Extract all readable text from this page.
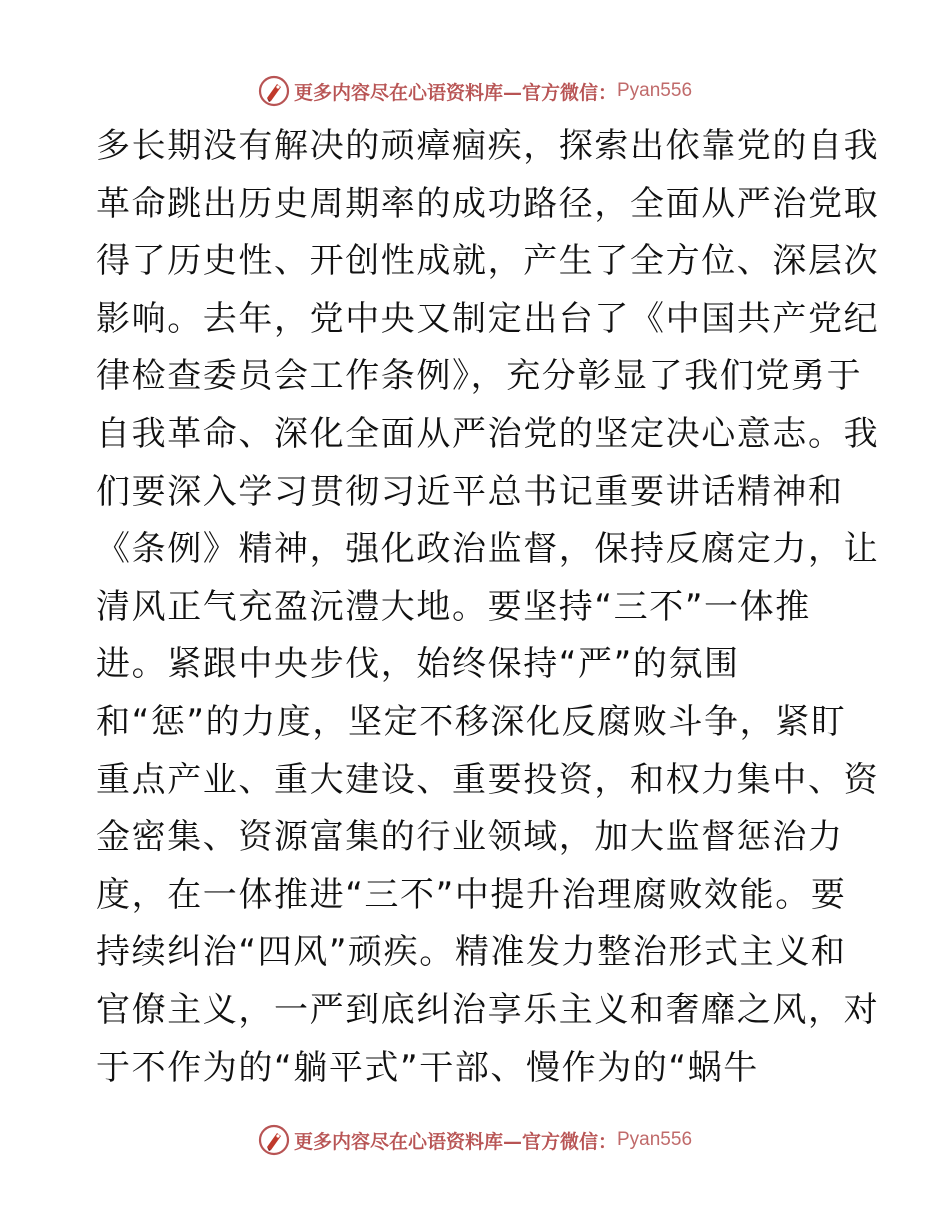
更多内容尽在心语资料库—官方微信： Pyan556
多长期没有解决的顽瘴痼疾，探索出依靠党的自我
革命跳出历史周期率的成功路径，全面从严治党取
得了历史性、开创性成就，产生了全方位、深层次
影响。去年，党中央又制定出台了《中国共产党纪
律检查委员会工作条例》，充分彰显了我们党勇于
自我革命、深化全面从严治党的坚定决心意志。我
们要深入学习贯彻习近平总书记重要讲话精神和
《条例》精神，强化政治监督，保持反腐定力，让
清风正气充盈沅澧大地。要坚持“三不”一体推
进。紧跟中央步伐，始终保持“严”的氛围
和“惩”的力度，坚定不移深化反腐败斗争，紧盯
重点产业、重大建设、重要投资，和权力集中、资
金密集、资源富集的行业领域，加大监督惩治力
度，在一体推进“三不”中提升治理腐败效能。要
持续纠治“四风”顽疾。精准发力整治形式主义和
官僚主义，一严到底纠治享乐主义和奢靡之风，对
于不作为的“躺平式”干部、慢作为的“蜗牛
更多内容尽在心语资料库—官方微信： Pyan556
